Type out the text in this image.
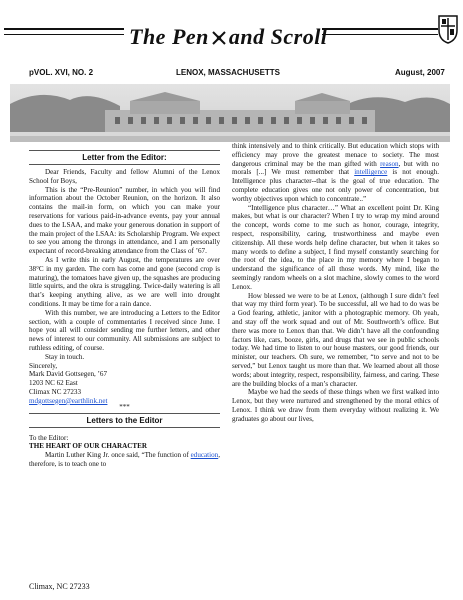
The Pen and Scroll
pVOL. XVI, NO. 2	LENOX, MASSACHUSETTS	August, 2007
Letter from the Editor:

Dear Friends, Faculty and fellow Alumni of the Lenox School for Boys,

This is the “Pre-Reunion” number, in which you will find information about the October Reunion, on the horizon. It also contains the mail-in form, on which you can make your reservations for various paid-in-advance events, pay your annual dues to the LSAA, and make your generous donation in support of the main project of the LSAA: its Scholarship Program. We expect to see you among the throngs in attendance, and I am personally expectant of record-breaking attendance from the Class of ’67.

As I write this in early August, the temperatures are over 38°C in my garden. The corn has come and gone (second crop is maturing), the tomatoes have given up, the squashes are producing little squirts, and the okra is struggling. Twice-daily watering is all that’s keeping anything alive, as we are well into drought conditions. It may be time for a rain dance.

With this number, we are introducing a Letters to the Editor section, with a couple of commentaries I received since June. I hope you all will consider sending me further letters, and other news of interest to our community. All submissions are subject to ruthless editing, of course.

Stay in touch.

Sincerely,
Mark David Gottsegen, ’67
1203 NC 62 East
Climax NC 27233
mdgottsegen@earthlink.net
***
Letters to the Editor

To the Editor:

THE HEART OF OUR CHARACTER

Martin Luther King Jr. once said, “The function of education, therefore, is to teach one to

think intensively and to think critically. But education which stops with efficiency may prove the greatest menace to society. The most dangerous criminal may be the man gifted with reason, but with no morals [...] We must remember that intelligence is not enough. Intelligence plus character--that is the goal of true education. The complete education gives one not only power of concentration, but worthy objectives upon which to concentrate..”

“Intelligence plus character…” What an excellent point Dr. King makes, but what is our character? When I try to wrap my mind around the concept, words come to me such as honor, courage, integrity, respect, responsibility, caring, trustworthiness and maybe even citizenship. All these words help define character, but when it takes so many words to define a subject, I find myself constantly searching for the root of the idea, to the place in my memory where I began to understand the significance of all those words. My mind, like the seemingly random wheels on a slot machine, slowly comes to the word Lenox.

How blessed we were to be at Lenox, (although I sure didn’t feel that way my third form year). To be successful, all we had to do was be a God fearing, athletic, janitor with a photographic memory. Oh yeah, and stay off the work squad and out of Mr. Southworth’s office. But there was more to Lenox than that. We didn’t have all the confounding factors like, cars, booze, girls, and drugs that we see in public schools today. We had time to listen to our house masters, our good friends, our minister, our teachers. Oh sure, we remember, “to serve and not to be served,” but Lenox taught us more than that. We learned about all those words; about integrity, respect, responsibility, fairness, and caring. These are the building blocks of a man’s character.

Maybe we had the seeds of these things when we first walked into Lenox, but they were nurtured and strengthened by the moral ethics of Lenox. I think we draw from them everyday without realizing it. We graduates go about our lives,

Climax, NC 27233
